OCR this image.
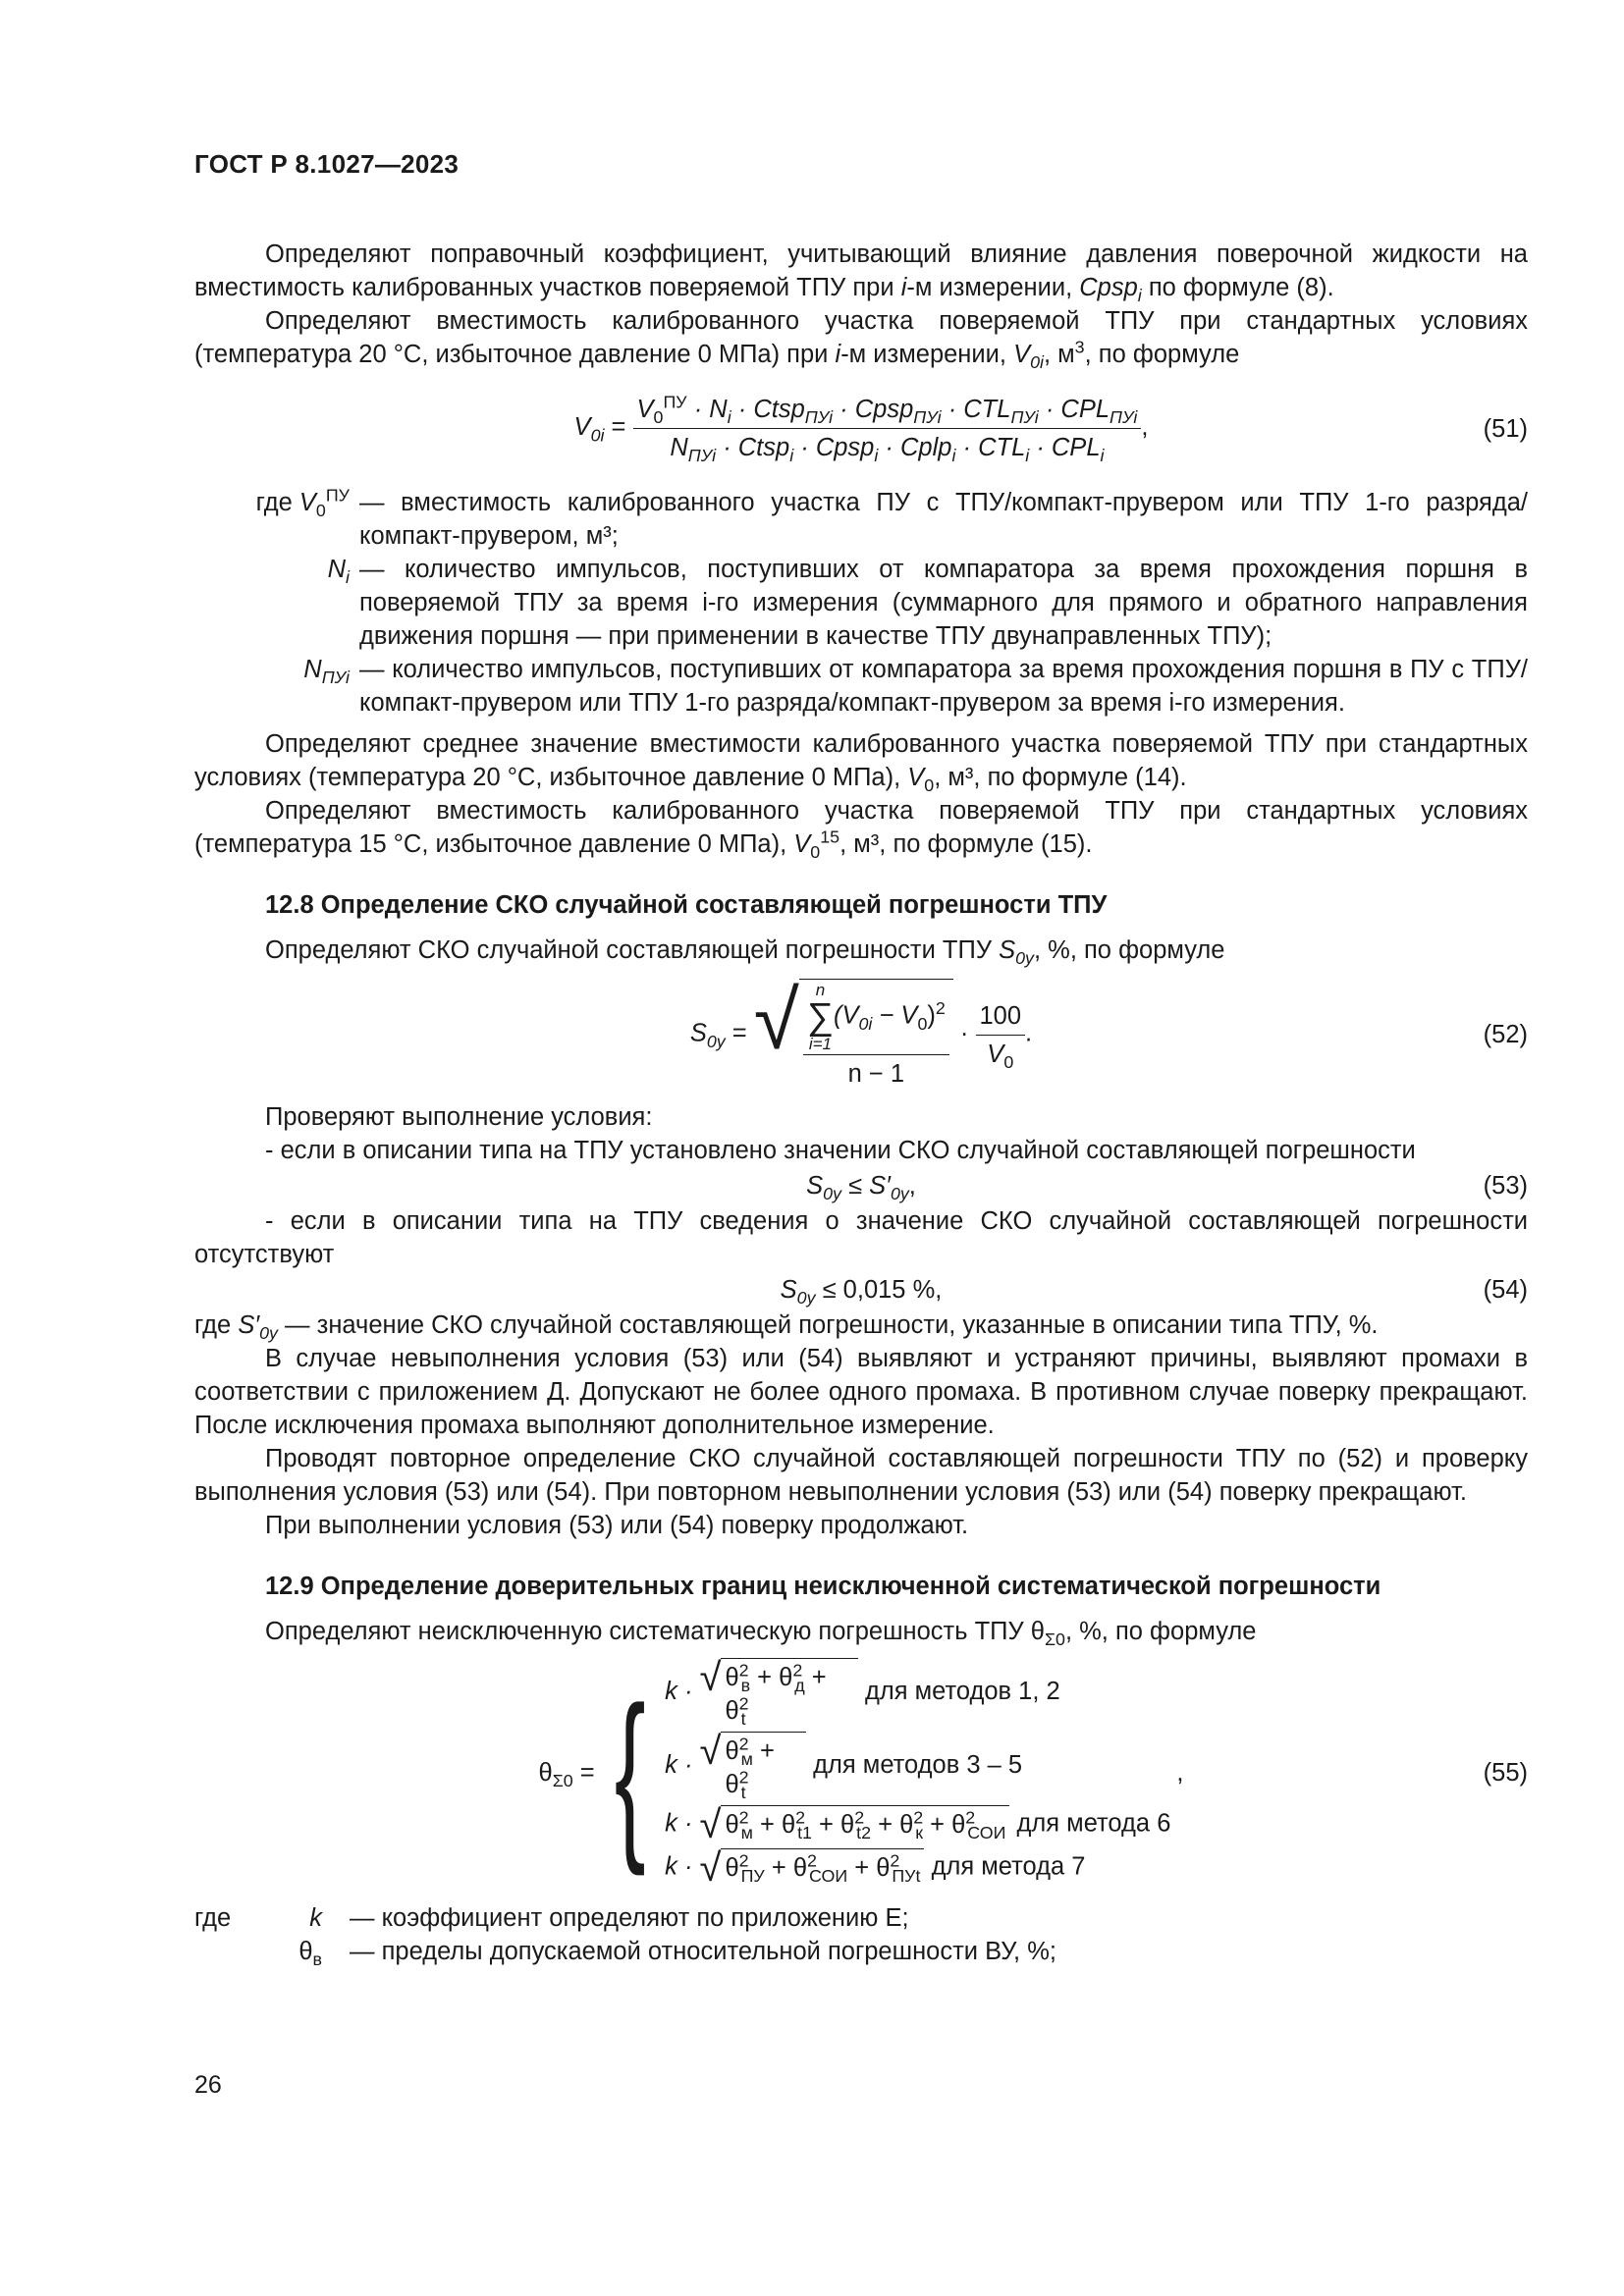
ГОСТ Р 8.1027—2023

Определяют поправочный коэффициент, учитывающий влияние давления поверочной жидкости на вместимость калиброванных участков поверяемой ТПУ при i-м измерении, Cpsp$_i$ по формуле (8).

Определяют вместимость калиброванного участка поверяемой ТПУ при стандартных условиях (температура 20 °С, избыточное давление 0 МПа) при i-м измерении, $V_{0i}$, $м^3$, по формуле

$V_{0i} = \frac{V_0^{ПУ} \cdot N_i \cdot Ctsp_{ПУi} \cdot Cpsp_{ПУi} \cdot CTL_{ПУi} \cdot CPL_{ПУi}}{N_{ПУi} \cdot Ctsp_i \cdot Cpsp_i \cdot Cplp_i \cdot CTL_i \cdot CPL_i}$ ,	(51)
где $V_0^{ПУ}$ — вместимость калиброванного участка ПУ с ТПУ/компакт-прувером или ТПУ 1-го разряда/компакт-прувером, м³;
$N_i$ — количество импульсов, поступивших от компаратора за время прохождения поршня в поверяемой ТПУ за время i-го измерения (суммарного для прямого и обратного направления движения поршня — при применении в качестве ТПУ двунаправленных ТПУ);
$N_{ПУi}$ — количество импульсов, поступивших от компаратора за время прохождения поршня в ПУ с ТПУ/компакт-прувером или ТПУ 1-го разряда/компакт-прувером за время i-го измерения.

Определяют среднее значение вместимости калиброванного участка поверяемой ТПУ при стандартных условиях (температура 20 °С, избыточное давление 0 МПа), $V_0$, м³, по формуле (14).

Определяют вместимость калиброванного участка поверяемой ТПУ при стандартных условиях (температура 15 °С, избыточное давление 0 МПа), $V_0^{15}$, м³, по формуле (15).

12.8 Определение СКО случайной составляющей погрешности ТПУ

Определяют СКО случайной составляющей погрешности ТПУ $S_{0y}$, %, по формуле

$S_{0y}$ = √ n
∑
i=1
$(V_{0i} - V_0)^2$
$n - 1 \cdot \frac{100}{V_0}$ .	(52)

Проверяют выполнение условия:

- если в описании типа на ТПУ установлено значении СКО случайной составляющей погрешности

$S_{0y} \le S'_{0y}$,	(53)

- если в описании типа на ТПУ сведения о значение СКО случайной составляющей погрешности отсутствуют

$S_{0y} \le 0,015$ %,	(54)

где $S'_{0y}$ — значение СКО случайной составляющей погрешности, указанные в описании типа ТПУ, %.

В случае невыполнения условия (53) или (54) выявляют и устраняют причины, выявляют промахи в соответствии с приложением Д. Допускают не более одного промаха. В противном случае поверку прекращают. После исключения промаха выполняют дополнительное измерение.

Проводят повторное определение СКО случайной составляющей погрешности ТПУ по (52) и проверку выполнения условия (53) или (54). При повторном невыполнении условия (53) или (54) поверку прекращают.

При выполнении условия (53) или (54) поверку продолжают.

12.9 Определение доверительных границ неисключенной систематической погрешности

Определяют неисключенную систематическую погрешность ТПУ $\theta_{\Sigma 0}$, %, по формуле

$\theta_{\Sigma 0}$ = { k · √ $\theta^2_в + \theta^2_д + \theta^2_t$
для методов 1, 2
k · √ $\theta^2_м + \theta^2_t$
для методов 3 – 5
k · √ $\theta^2_м + \theta^2_{t1} + \theta^2_{t2} + \theta^2_к + \theta^2_{СОИ}$ для метода 6
k · √ $\theta^2_{ПУ} + \theta^2_{СОИ} + \theta^2_{ПУt}$ для метода 7
,	(55)
где	k	— коэффициент определяют по приложению Е;
$\theta_в$	— пределы допускаемой относительной погрешности ВУ, %;
26
